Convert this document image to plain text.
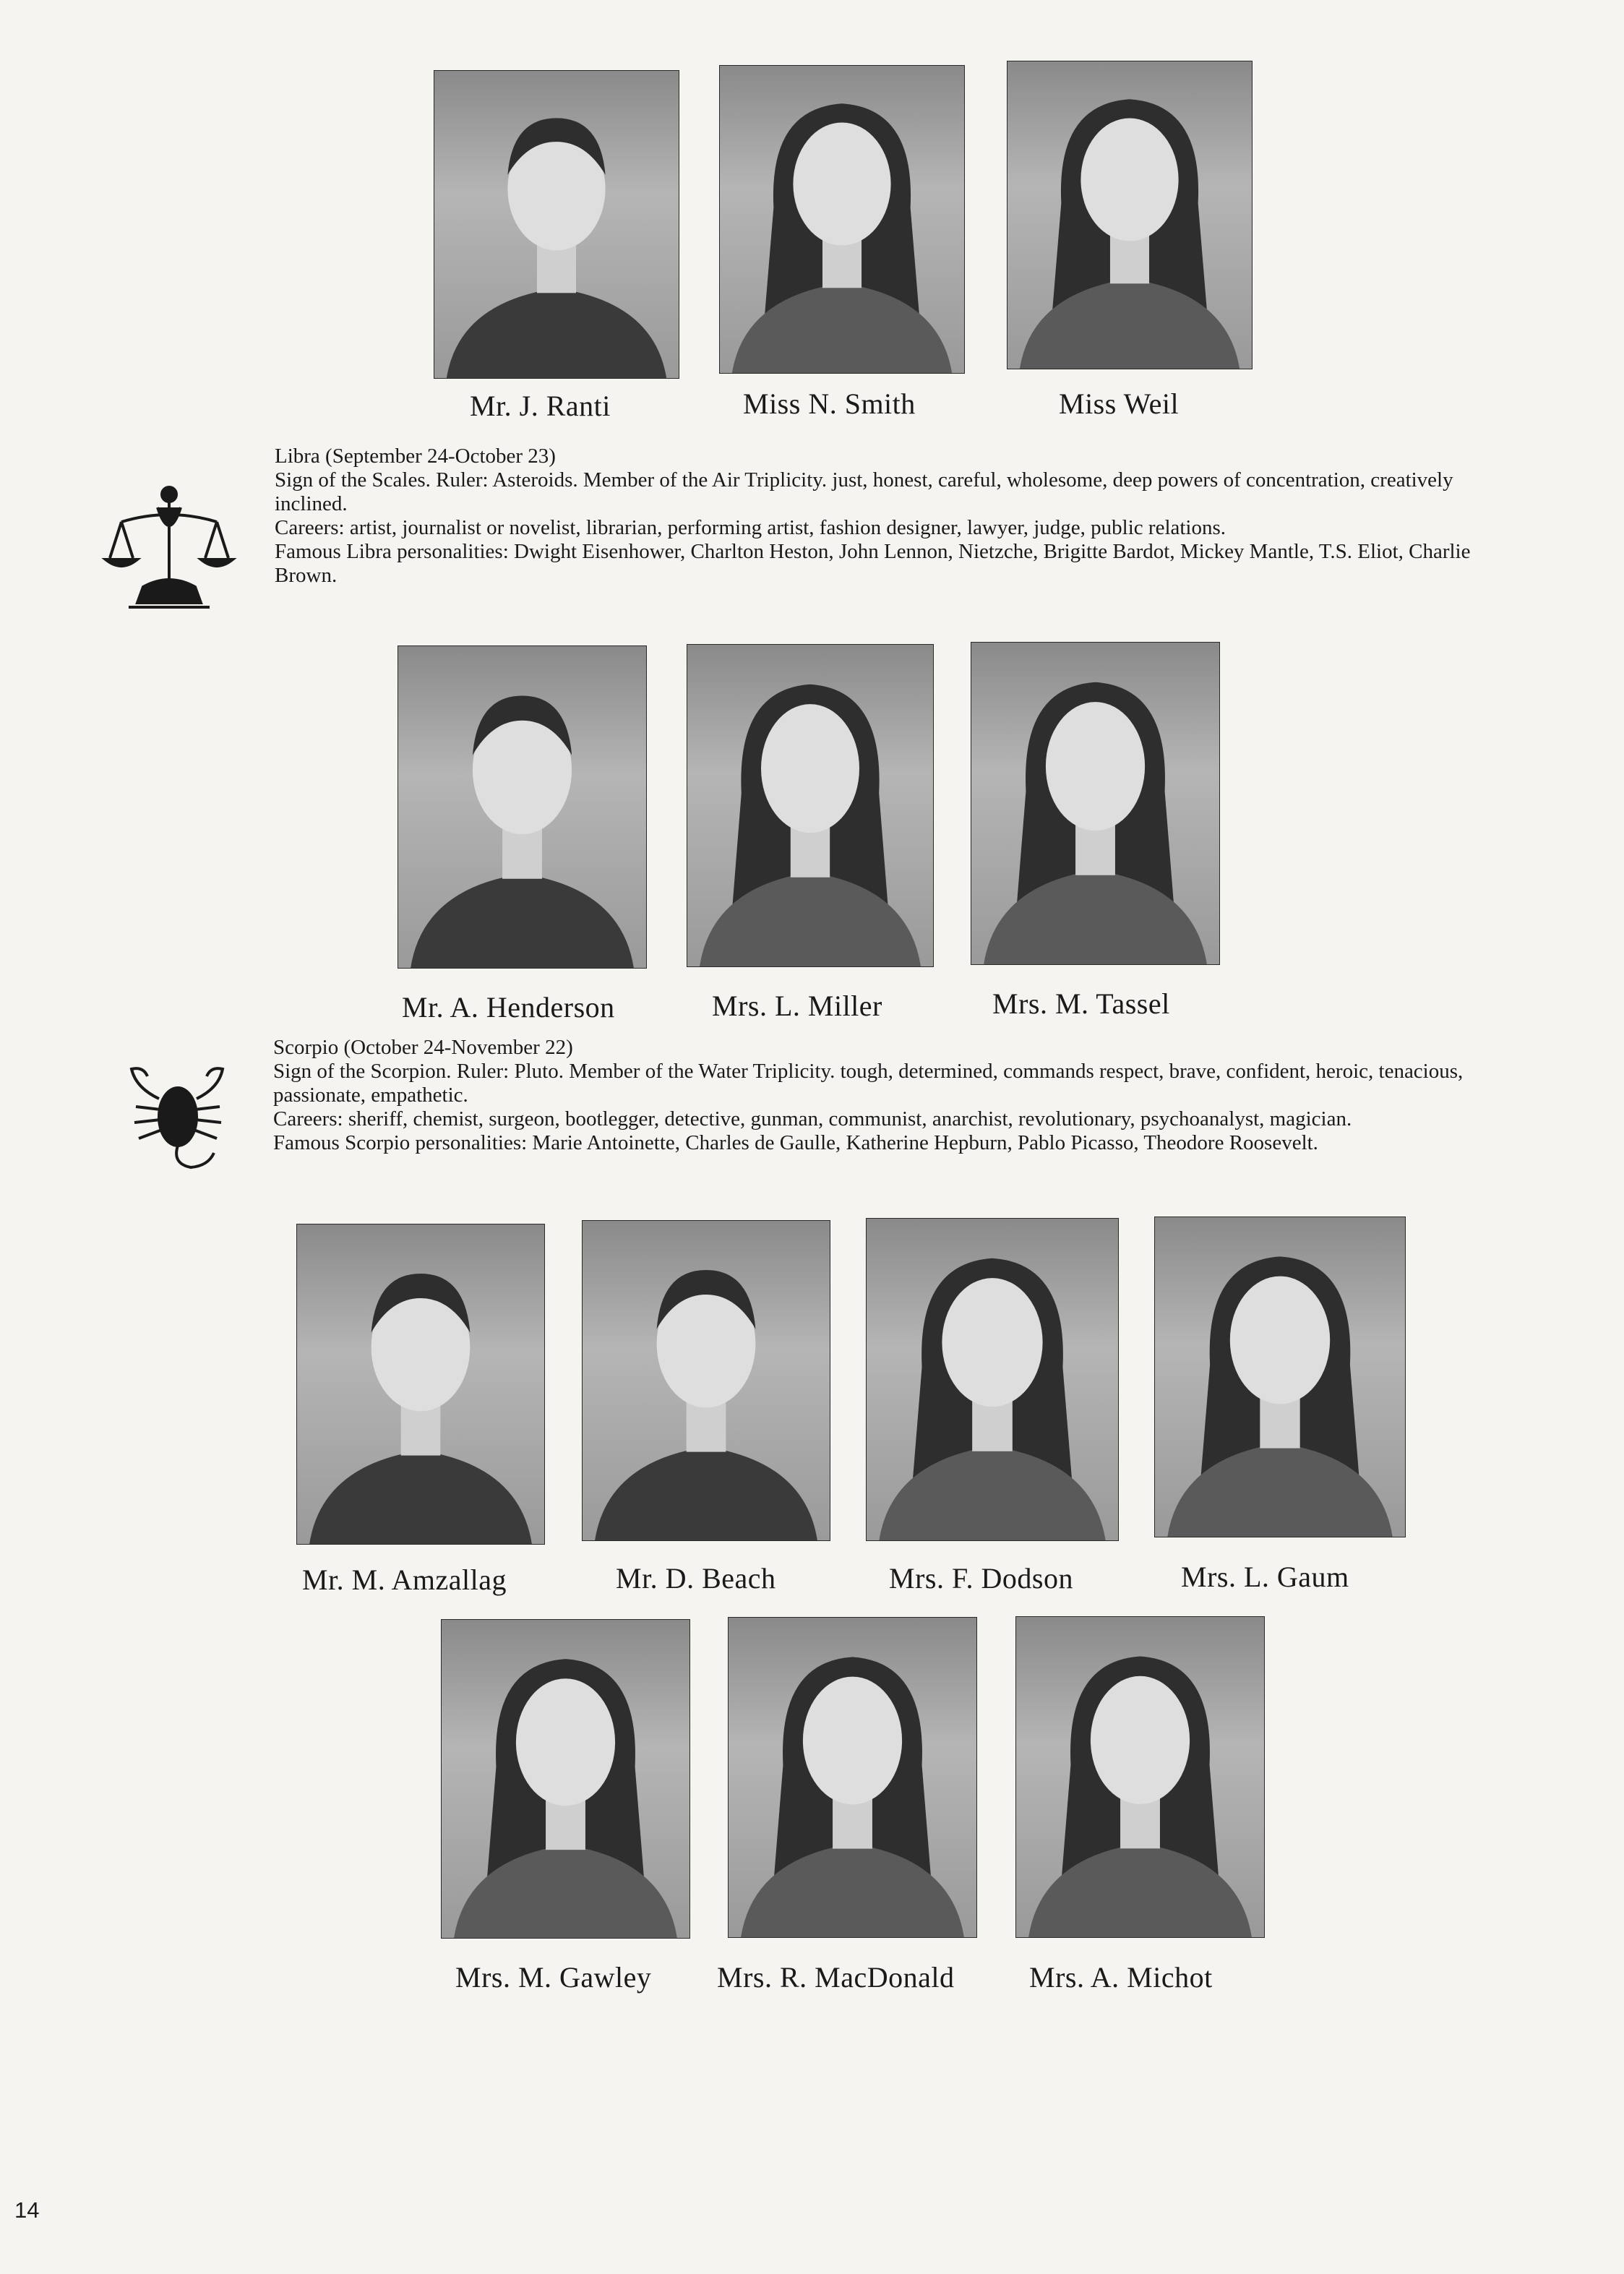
Mr. J. Ranti	Miss N. Smith	Miss Weil

Libra (September 24-October 23)

Sign of the Scales. Ruler: Asteroids. Member of the Air Triplicity. just, honest, careful, wholesome, deep powers of concentration, creatively inclined.

Careers: artist, journalist or novelist, librarian, performing artist, fashion designer, lawyer, judge, public relations.

Famous Libra personalities: Dwight Eisenhower, Charlton Heston, John Lennon, Nietzche, Brigitte Bardot, Mickey Mantle, T.S. Eliot, Charlie Brown.

Mr. A. Henderson	Mrs. L. Miller	Mrs. M. Tassel

Scorpio (October 24-November 22)

Sign of the Scorpion. Ruler: Pluto. Member of the Water Triplicity. tough, determined, commands respect, brave, confident, heroic, tenacious, passionate, empathetic.

Careers: sheriff, chemist, surgeon, bootlegger, detective, gunman, communist, anarchist, revolutionary, psychoanalyst, magician.

Famous Scorpio personalities: Marie Antoinette, Charles de Gaulle, Katherine Hepburn, Pablo Picasso, Theodore Roosevelt.

Mr. M. Amzallag	Mr. D. Beach	Mrs. F. Dodson	Mrs. L. Gaum
Mrs. M. Gawley Mrs. R. MacDonald	Mrs. A. Michot
14
